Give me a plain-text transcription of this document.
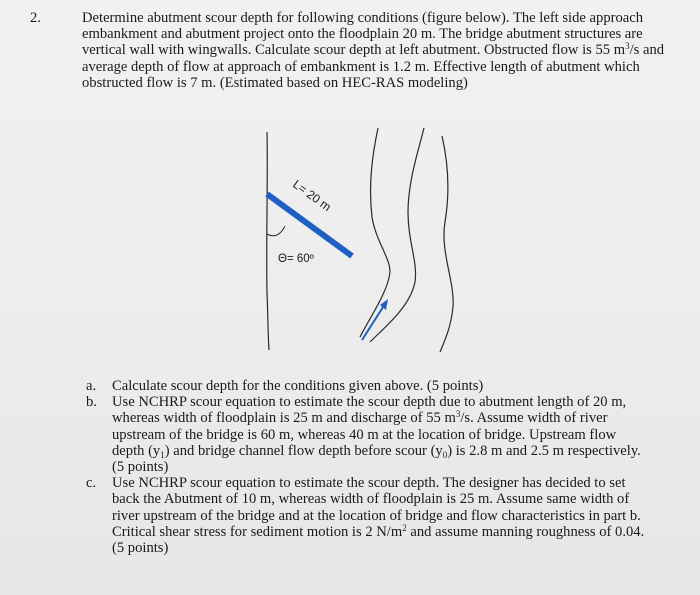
2.	Determine abutment scour depth for following conditions (figure below). The left side approach embankment and abutment project onto the floodplain 20 m. The bridge abutment structures are vertical wall with wingwalls. Calculate scour depth at left abutment. Obstructed flow is 55 $m^3/s$ and average depth of flow at approach of embankment is 1.2 m. Effective length of abutment which obstructed flow is 7 m. (Estimated based on HEC-RAS modeling)
L= 20 m
Θ= 60º
a. Calculate scour depth for the conditions given above. (5 points)
b. Use NCHRP scour equation to estimate the scour depth due to abutment length of 20 m, whereas width of floodplain is 25 m and discharge of 55 $m^3/s$. Assume width of river upstream of the bridge is 60 m, whereas 40 m at the location of bridge. Upstream flow depth $(y_1)$ and bridge channel flow depth before scour $(y_0)$ is 2.8 m and 2.5 m respectively. (5 points)
c. Use NCHRP scour equation to estimate the scour depth. The designer has decided to set back the Abutment of 10 m, whereas width of floodplain is 25 m. Assume same width of river upstream of the bridge and at the location of bridge and flow characteristics in part b. Critical shear stress for sediment motion is 2 $N/m^2$ and assume manning roughness of 0.04. (5 points)
